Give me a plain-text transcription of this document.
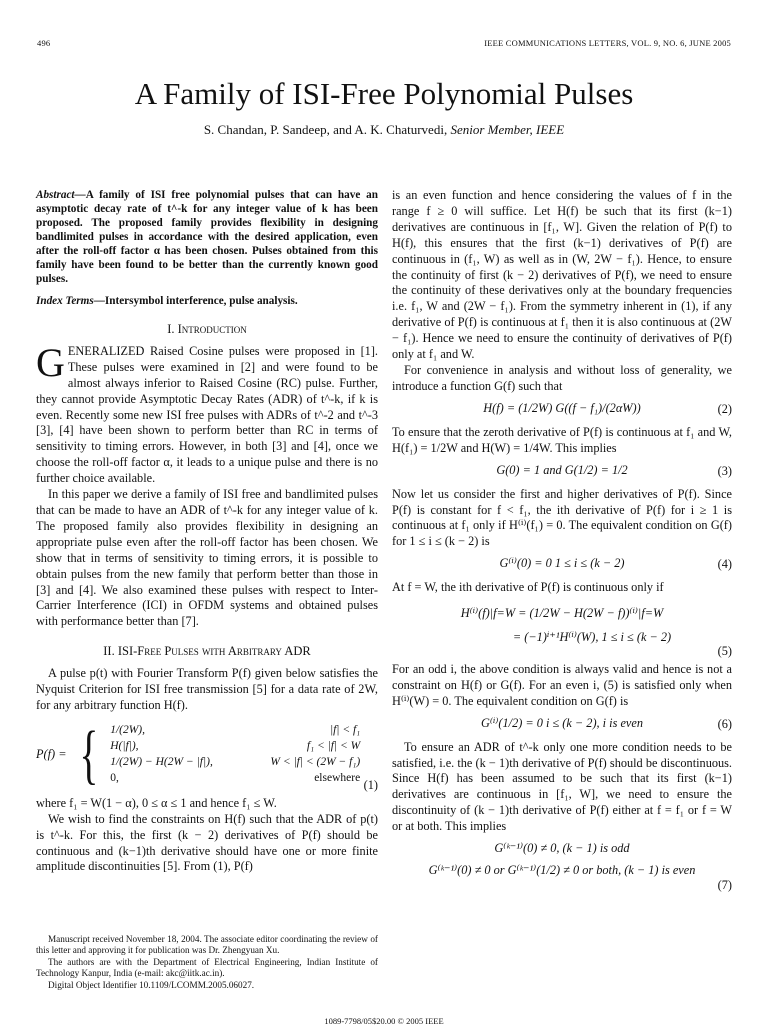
496	IEEE COMMUNICATIONS LETTERS, VOL. 9, NO. 6, JUNE 2005
A Family of ISI-Free Polynomial Pulses
S. Chandan, P. Sandeep, and A. K. Chaturvedi, Senior Member, IEEE

Abstract—A family of ISI free polynomial pulses that can have an asymptotic decay rate of t^-k for any integer value of k has been proposed. The proposed family provides flexibility in designing bandlimited pulses in accordance with the desired application, even after the roll-off factor α has been chosen. Pulses obtained from this family have been found to be better than the currently known good pulses.

Index Terms—Intersymbol interference, pulse analysis.

I. Introduction

GENERALIZED Raised Cosine pulses were proposed in [1]. These pulses were examined in [2] and were found to be almost always inferior to Raised Cosine (RC) pulse. Further, they cannot provide Asymptotic Decay Rates (ADR) of t^-k, if k is even. Recently some new ISI free pulses with ADRs of t^-2 and t^-3 [3], [4] have been shown to perform better than RC in terms of sensitivity to timing errors. However, in both [3] and [4], once we choose the roll-off factor α, it leads to a unique pulse and there is no further choice available.

In this paper we derive a family of ISI free and bandlimited pulses that can be made to have an ADR of t^-k for any integer value of k. The proposed family also provides flexibility in designing an appropriate pulse even after the roll-off factor has been chosen. We show that in terms of sensitivity to timing errors, it is possible to obtain pulses from the new family that perform better than those in [3] and [4]. We also examined these pulses with respect to Inter-Carrier Interference (ICI) in OFDM systems and obtained pulses with performance better than [7].

II. ISI-Free Pulses with Arbitrary ADR

A pulse p(t) with Fourier Transform P(f) given below satisfies the Nyquist Criterion for ISI free transmission [5] for a data rate of 2W, for any arbitrary function H(f).

P(f) = { 1/(2W),	|f| < f₁
H(|f|),	f₁ < |f| < W
1/(2W) − H(2W − |f|),	W < |f| < (2W − f₁)
0,	elsewhere (1)

where f₁ = W(1 − α), 0 ≤ α ≤ 1 and hence f₁ ≤ W.

We wish to find the constraints on H(f) such that the ADR of p(t) is t^-k. For this, the first (k − 2) derivatives of P(f) should be continuous and (k−1)th derivative should have one or more finite amplitude discontinuities [5]. From (1), P(f)

Manuscript received November 18, 2004. The associate editor coordinating the review of this letter and approving it for publication was Dr. Zhengyuan Xu.

The authors are with the Department of Electrical Engineering, Indian Institute of Technology Kanpur, India (e-mail: akc@iitk.ac.in).

Digital Object Identifier 10.1109/LCOMM.2005.06027.

is an even function and hence considering the values of f in the range f ≥ 0 will suffice. Let H(f) be such that its first (k−1) derivatives are continuous in [f₁, W]. Given the relation of P(f) to H(f), this ensures that the first (k−1) derivatives of P(f) are continuous in (f₁, W) as well as in (W, 2W − f₁). Hence, to ensure the continuity of first (k − 2) derivatives of P(f), we need to ensure the continuity of these derivatives only at the boundary frequencies i.e. f₁, W and (2W − f₁). From the symmetry inherent in (1), if any derivative of P(f) is continuous at f₁ then it is also continuous at (2W − f₁). Hence we need to ensure the continuity of derivatives of P(f) only at f₁ and W.

For convenience in analysis and without loss of generality, we introduce a function G(f) such that

H(f) = (1/2W) G((f − f₁)/(2αW))	(2)

To ensure that the zeroth derivative of P(f) is continuous at f₁ and W, H(f₁) = 1/2W and H(W) = 1/4W. This implies

G(0) = 1 and G(1/2) = 1/2	(3)

Now let us consider the first and higher derivatives of P(f). Since P(f) is constant for f < f₁, the ith derivative of P(f) for i ≥ 1 is continuous at f₁ only if H⁽ⁱ⁾(f₁) = 0. The equivalent condition on G(f) for 1 ≤ i ≤ (k − 2) is

G⁽ⁱ⁾(0) = 0 1 ≤ i ≤ (k − 2)	(4)

At f = W, the ith derivative of P(f) is continuous only if

H⁽ⁱ⁾(f)|f=W = (1/2W − H(2W − f))⁽ⁱ⁾|f=W
= (−1)ⁱ⁺¹H⁽ⁱ⁾(W), 1 ≤ i ≤ (k − 2)
(5)

For an odd i, the above condition is always valid and hence is not a constraint on H(f) or G(f). For an even i, (5) is satisfied only when H⁽ⁱ⁾(W) = 0. The equivalent condition on G(f) is

G⁽ⁱ⁾(1/2) = 0 i ≤ (k − 2), i is even	(6)

To ensure an ADR of t^-k only one more condition needs to be satisfied, i.e. the (k − 1)th derivative of P(f) should be discontinuous. Since H(f) has been assumed to be such that its first (k−1) derivatives are continuous in [f₁, W], we need to ensure the discontinuity of (k − 1)th derivative of P(f) either at f = f₁ or f = W or at both. This implies

G⁽ᵏ⁻¹⁾(0) ≠ 0, (k − 1) is odd
G⁽ᵏ⁻¹⁾(0) ≠ 0 or G⁽ᵏ⁻¹⁾(1/2) ≠ 0 or both, (k − 1) is even
(7)
1089-7798/05$20.00 © 2005 IEEE
